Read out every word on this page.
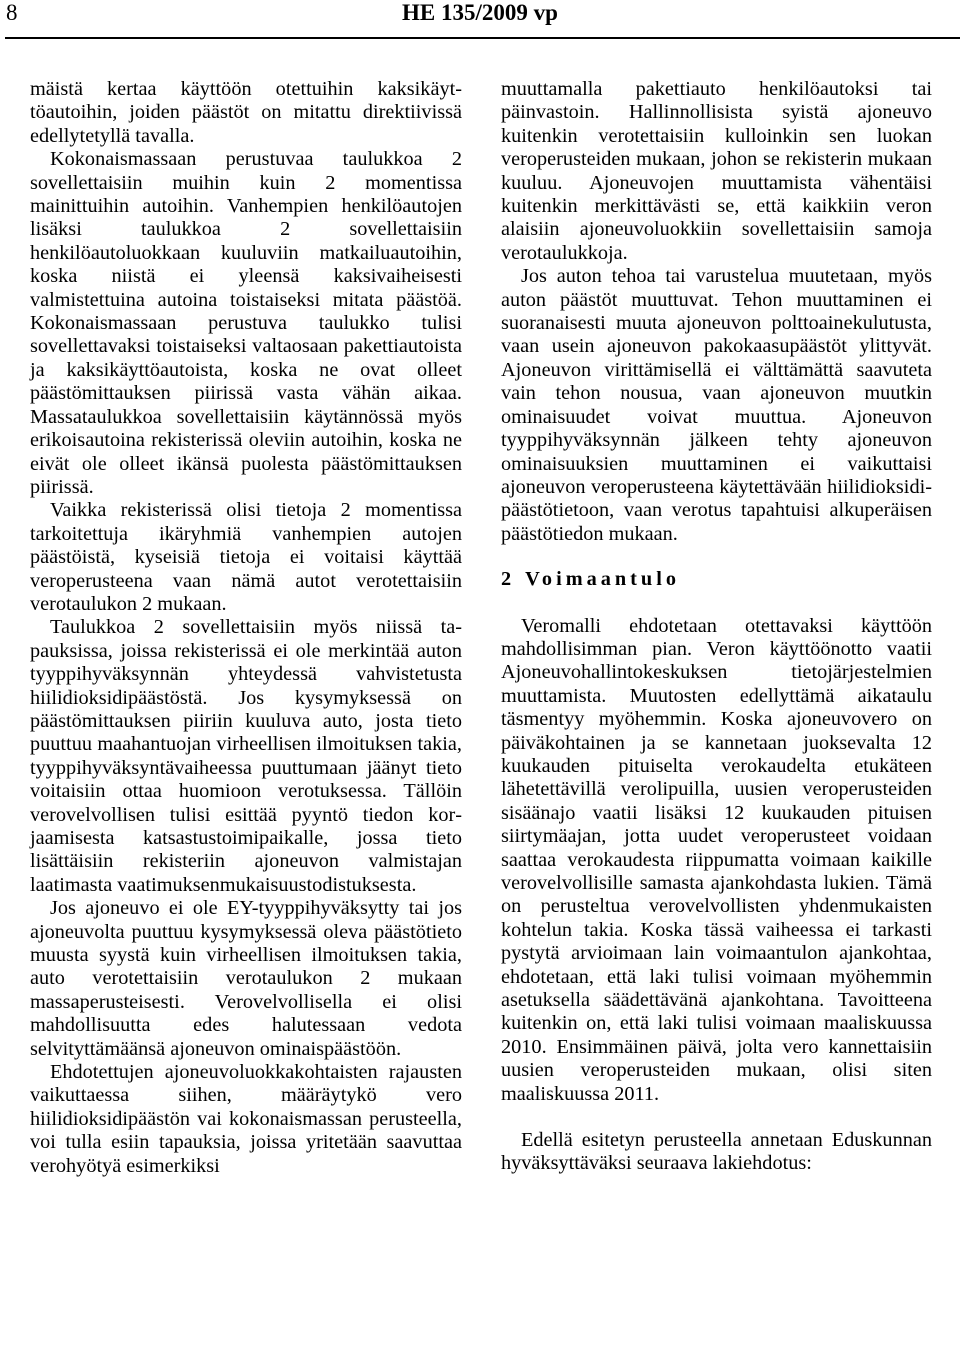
8	HE 135/2009 vp

mäistä kertaa käyttöön otettuihin kaksikäyttöautoihin, joiden päästöt on mitattu direktiivissä edellytetyllä tavalla.

Kokonaismassaan perustuvaa taulukkoa 2 sovellettaisiin muihin kuin 2 momentissa mainittuihin autoihin. Vanhempien henkilöautojen lisäksi taulukkoa 2 sovellettaisiin henkilöautoluokkaan kuuluviin matkailuautoihin, koska niistä ei yleensä kaksivaiheisesti valmistettuina autoina toistaiseksi mitata päästöä. Kokonaismassaan perustuva taulukko tulisi sovellettavaksi toistaiseksi valtaosaan pakettiautoista ja kaksikäyttöautoista, koska ne ovat olleet päästömittauksen piirissä vasta vähän aikaa. Massataulukkoa sovellettaisiin käytännössä myös erikoisautoina rekisterissä oleviin autoihin, koska ne eivät ole olleet ikänsä puolesta päästömittauksen piirissä.

Vaikka rekisterissä olisi tietoja 2 momentissa tarkoitettuja ikäryhmiä vanhempien autojen päästöistä, kyseisiä tietoja ei voitaisi käyttää veroperusteena vaan nämä autot verotettaisiin verotaulukon 2 mukaan.

Taulukkoa 2 sovellettaisiin myös niissä tapauksissa, joissa rekisterissä ei ole merkintää auton tyyppihyväksynnän yhteydessä vahvistetusta hiilidioksidipäästöstä. Jos kysymyksessä on päästömittauksen piiriin kuuluva auto, josta tieto puuttuu maahantuojan virheellisen ilmoituksen takia, tyyppihyväksyntävaiheessa puuttumaan jäänyt tieto voitaisiin ottaa huomioon verotuksessa. Tällöin verovelvollisen tulisi esittää pyyntö tiedon korjaamisesta katsastustoimipaikalle, jossa tieto lisättäisiin rekisteriin ajoneuvon valmistajan laatimasta vaatimuksenmukaisuustodistuksesta.

Jos ajoneuvo ei ole EY-tyyppihyväksytty tai jos ajoneuvolta puuttuu kysymyksessä oleva päästötieto muusta syystä kuin virheellisen ilmoituksen takia, auto verotettaisiin verotaulukon 2 mukaan massaperusteisesti. Verovelvollisella ei olisi mahdollisuutta edes halutessaan vedota selvityttämäänsä ajoneuvon ominaispäästöön.

Ehdotettujen ajoneuvoluokkakohtaisten rajausten vaikuttaessa siihen, määräytykö vero hiilidioksidipäästön vai kokonaismassan perusteella, voi tulla esiin tapauksia, joissa yritetään saavuttaa verohyötyä esimerkiksi

muuttamalla pakettiauto henkilöautoksi tai päinvastoin. Hallinnollisista syistä ajoneuvo kuitenkin verotettaisiin kulloinkin sen luokan veroperusteiden mukaan, johon se rekisterin mukaan kuuluu. Ajoneuvojen muuttamista vähentäisi kuitenkin merkittävästi se, että kaikkiin veron alaisiin ajoneuvoluokkiin sovellettaisiin samoja verotaulukkoja.

Jos auton tehoa tai varustelua muutetaan, myös auton päästöt muuttuvat. Tehon muuttaminen ei suoranaisesti muuta ajoneuvon polttoainekulutusta, vaan usein ajoneuvon pakokaasupäästöt ylittyvät. Ajoneuvon virittämisellä ei välttämättä saavuteta vain tehon nousua, vaan ajoneuvon muutkin ominaisuudet voivat muuttua. Ajoneuvon tyyppihyväksynnän jälkeen tehty ajoneuvon ominaisuuksien muuttaminen ei vaikuttaisi ajoneuvon veroperusteena käytettävään hiilidioksidipäästötietoon, vaan verotus tapahtuisi alkuperäisen päästötiedon mukaan.

2 Voimaantulo

Veromalli ehdotetaan otettavaksi käyttöön mahdollisimman pian. Veron käyttöönotto vaatii Ajoneuvohallintokeskuksen tietojärjestelmien muuttamista. Muutosten edellyttämä aikataulu täsmentyy myöhemmin. Koska ajoneuvovero on päiväkohtainen ja se kannetaan juoksevalta 12 kuukauden pituiselta verokaudelta etukäteen lähetettävillä verolipuilla, uusien veroperusteiden sisäänajo vaatii lisäksi 12 kuukauden pituisen siirtymäajan, jotta uudet veroperusteet voidaan saattaa verokaudesta riippumatta voimaan kaikille verovelvollisille samasta ajankohdasta lukien. Tämä on perusteltua verovelvollisten yhdenmukaisten kohtelun takia. Koska tässä vaiheessa ei tarkasti pystytä arvioimaan lain voimaantulon ajankohtaa, ehdotetaan, että laki tulisi voimaan myöhemmin asetuksella säädettävänä ajankohtana. Tavoitteena kuitenkin on, että laki tulisi voimaan maaliskuussa 2010. Ensimmäinen päivä, jolta vero kannettaisiin uusien veroperusteiden mukaan, olisi siten maaliskuussa 2011.

Edellä esitetyn perusteella annetaan Eduskunnan hyväksyttäväksi seuraava lakiehdotus:
